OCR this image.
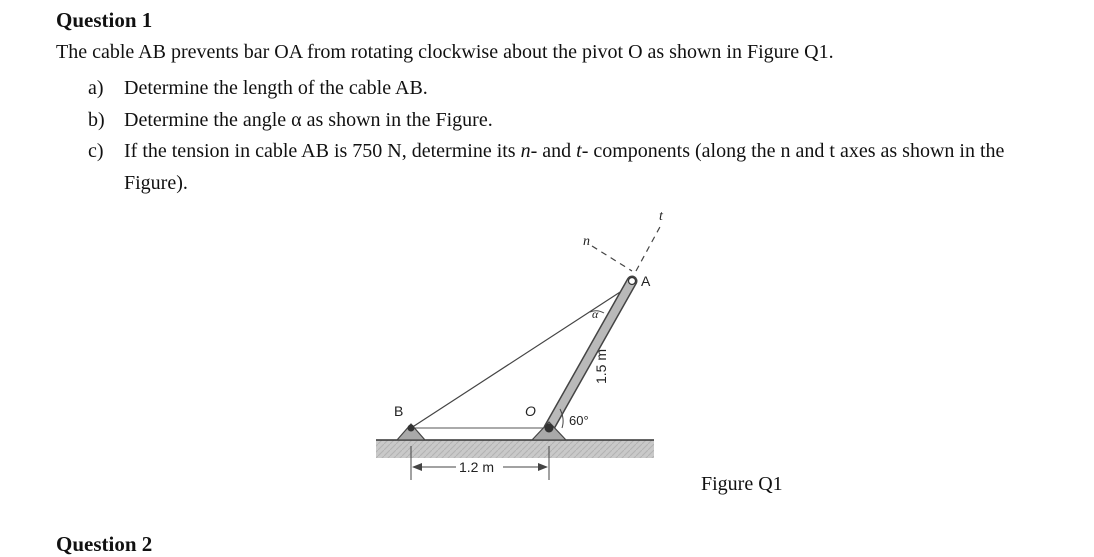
Question 1

The cable AB prevents bar OA from rotating clockwise about the pivot O as shown in Figure Q1.

a)	Determine the length of the cable AB.
b) Determine the angle α as shown in the Figure.
c)	If the tension in cable AB is 750 N, determine its n- and t- components (along the n and t axes as shown in the Figure).
t
n
A
α
1.5 m
B	O
60°
1.2 m

Figure Q1

Question 2
